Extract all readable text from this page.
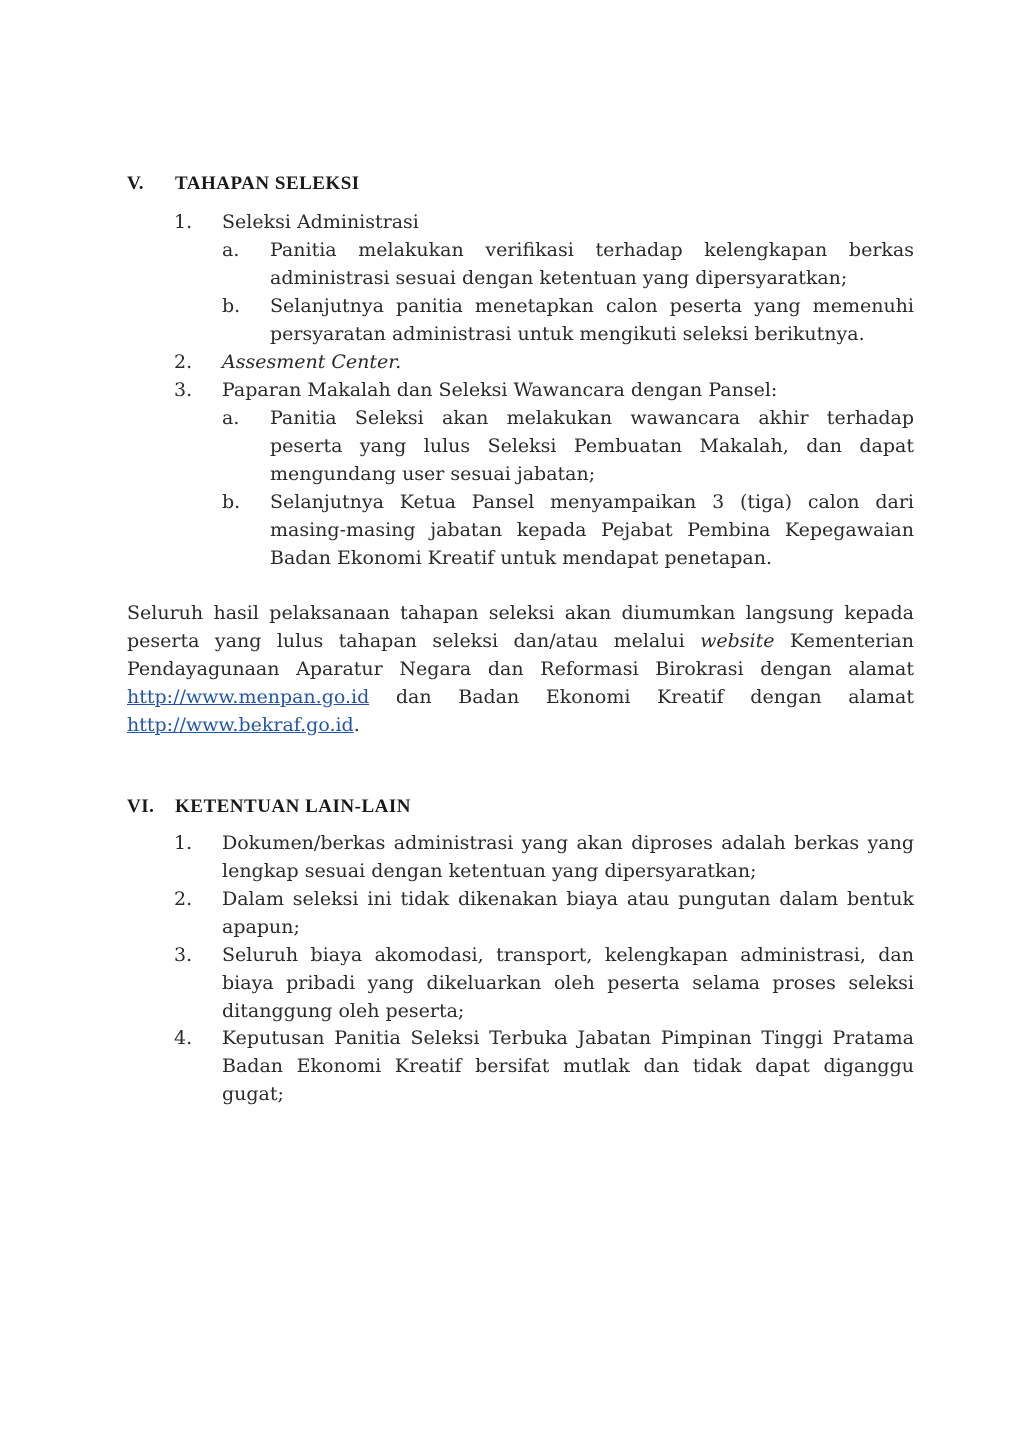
V. TAHAPAN SELEKSI
1.	Seleksi Administrasi
a.	Panitia melakukan verifikasi terhadap kelengkapan berkas administrasi sesuai dengan ketentuan yang dipersyaratkan;
b.	Selanjutnya panitia menetapkan calon peserta yang memenuhi persyaratan administrasi untuk mengikuti seleksi berikutnya.
2.	Assesment Center.
3.	Paparan Makalah dan Seleksi Wawancara dengan Pansel:
a.	Panitia Seleksi akan melakukan wawancara akhir terhadap peserta yang lulus Seleksi Pembuatan Makalah, dan dapat mengundang user sesuai jabatan;
b.	Selanjutnya Ketua Pansel menyampaikan 3 (tiga) calon dari masing-masing jabatan kepada Pejabat Pembina Kepegawaian Badan Ekonomi Kreatif untuk mendapat penetapan.
Seluruh hasil pelaksanaan tahapan seleksi akan diumumkan langsung kepada peserta yang lulus tahapan seleksi dan/atau melalui website Kementerian Pendayagunaan Aparatur Negara dan Reformasi Birokrasi dengan alamat http://www.menpan.go.id dan Badan Ekonomi Kreatif dengan alamat http://www.bekraf.go.id.
VI. KETENTUAN LAIN-LAIN
1.	Dokumen/berkas administrasi yang akan diproses adalah berkas yang lengkap sesuai dengan ketentuan yang dipersyaratkan;
2.	Dalam seleksi ini tidak dikenakan biaya atau pungutan dalam bentuk apapun;
3.	Seluruh biaya akomodasi, transport, kelengkapan administrasi, dan biaya pribadi yang dikeluarkan oleh peserta selama proses seleksi ditanggung oleh peserta;
4.	Keputusan Panitia Seleksi Terbuka Jabatan Pimpinan Tinggi Pratama Badan Ekonomi Kreatif bersifat mutlak dan tidak dapat diganggu gugat;
